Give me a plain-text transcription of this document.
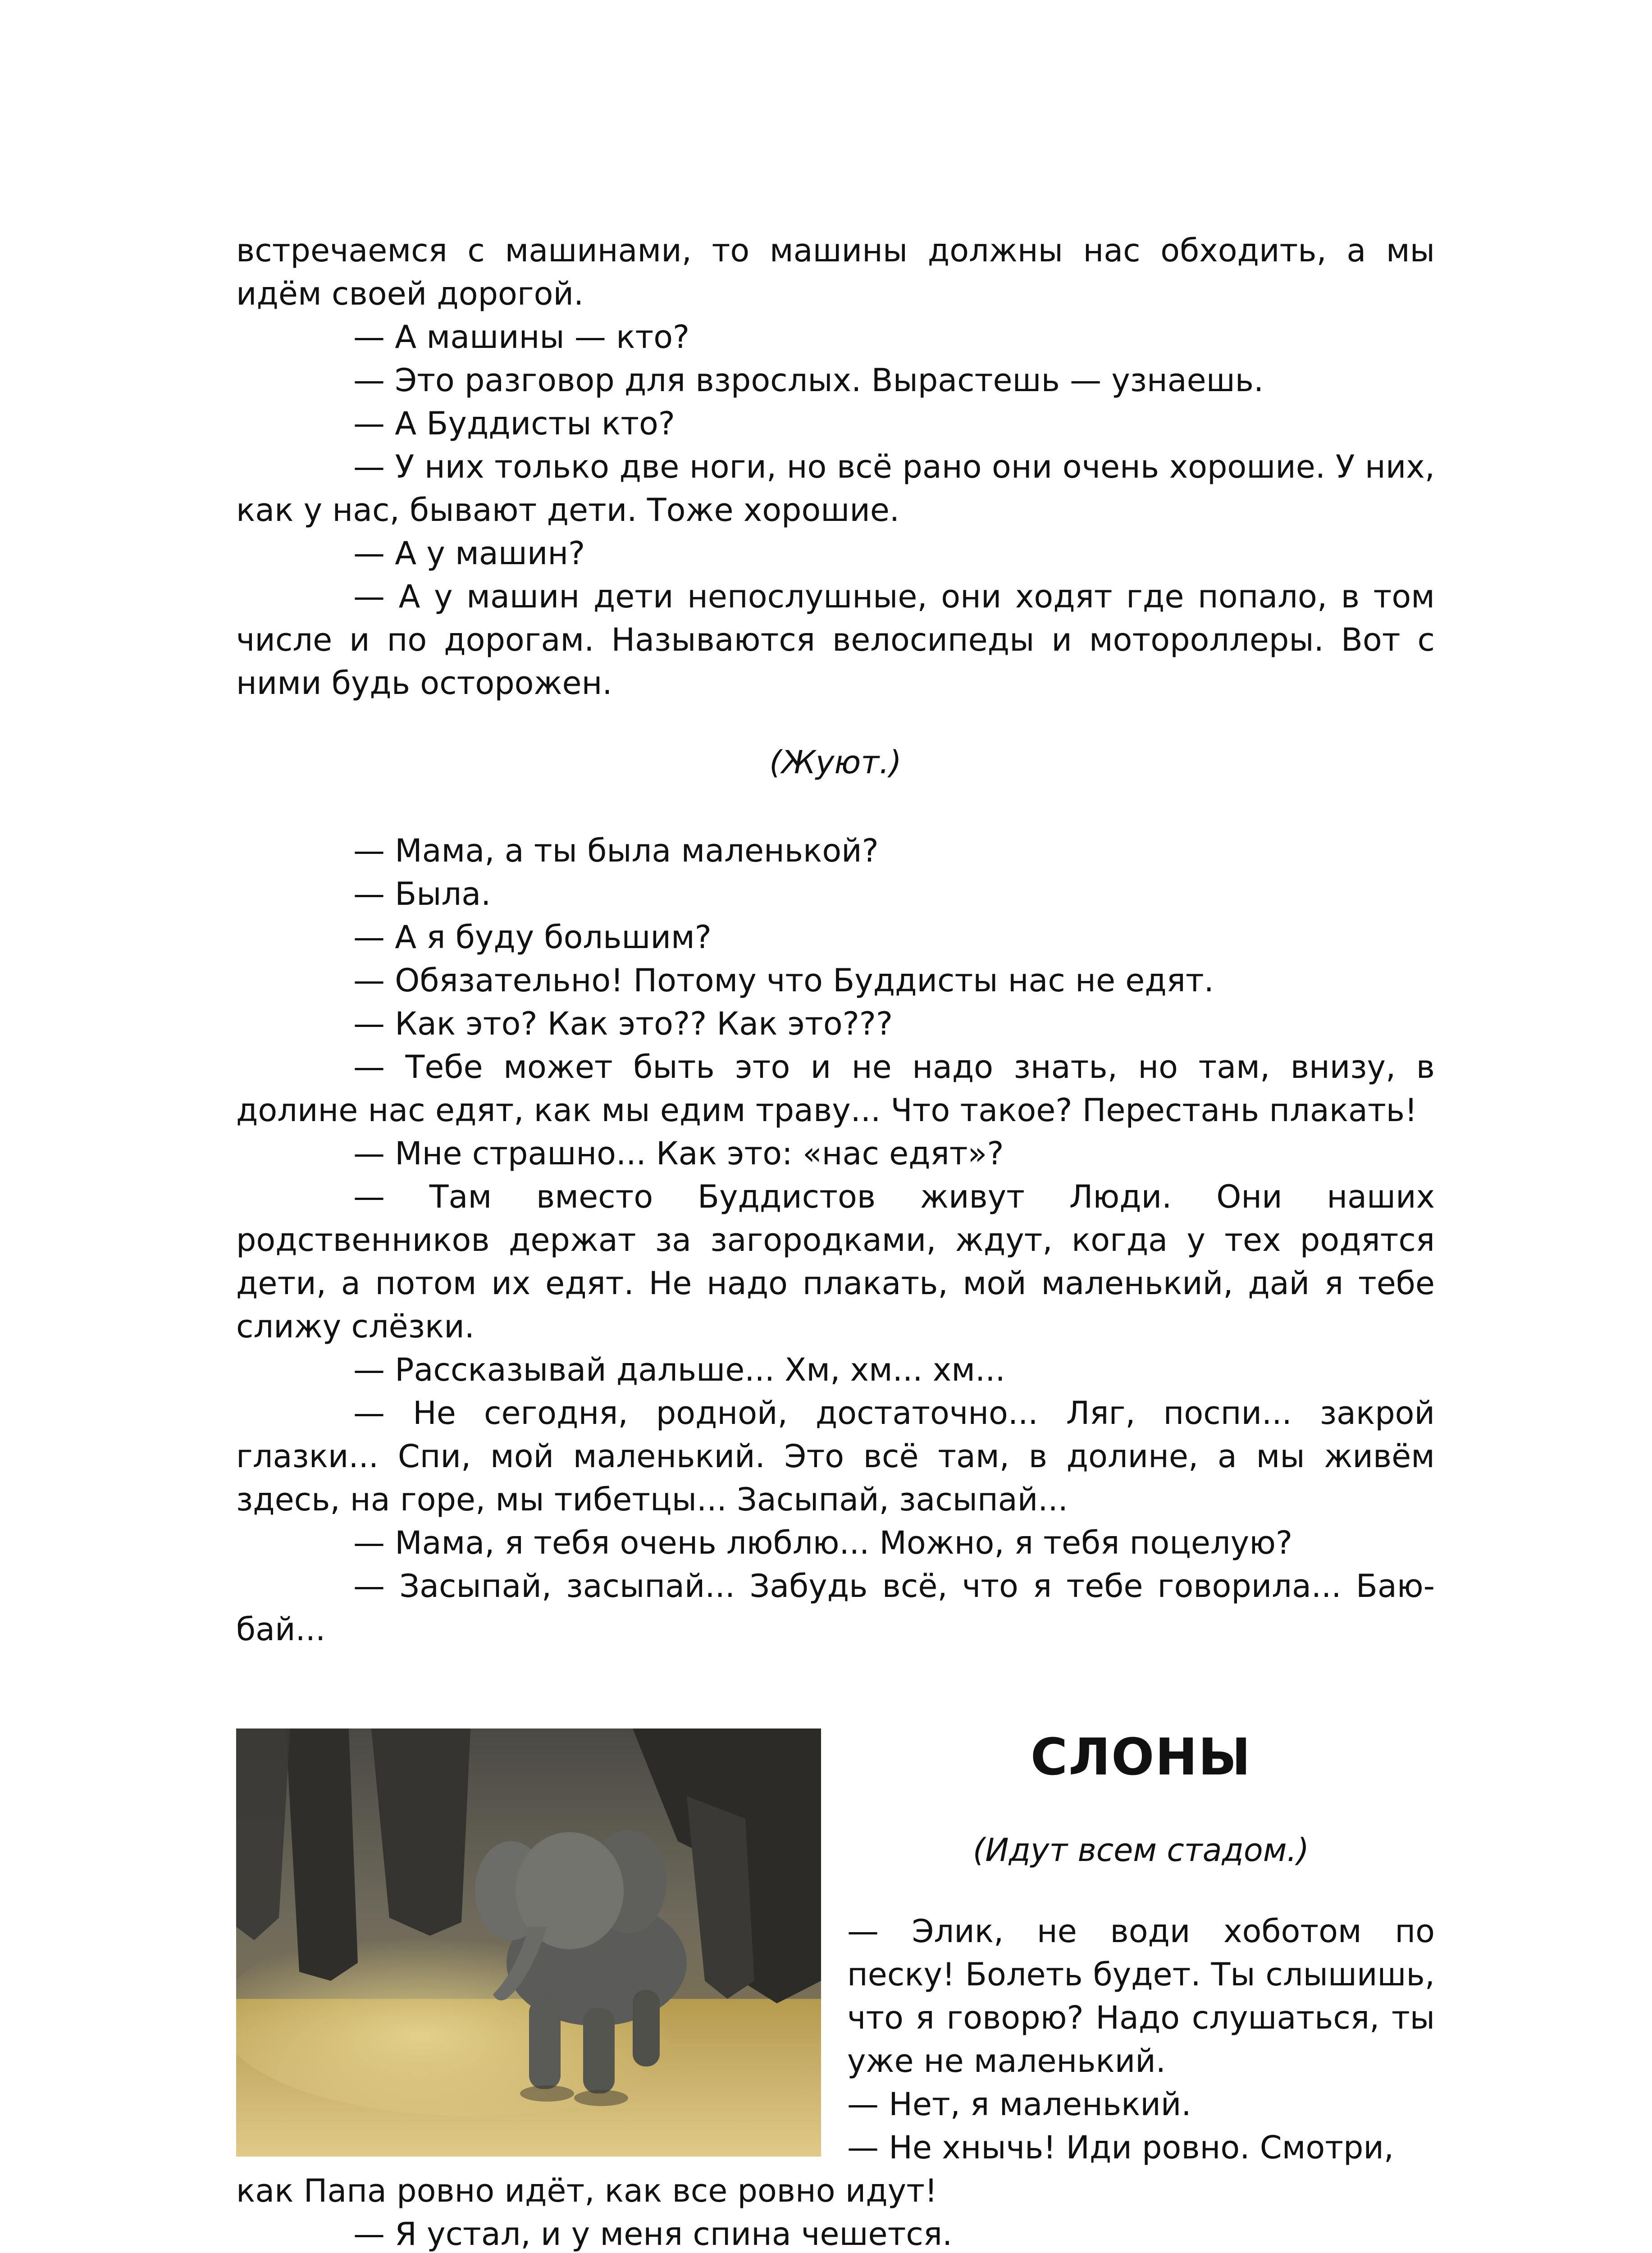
встречаемся с машинами, то машины должны нас обходить, а мы идём своей дорогой.

— А машины — кто?

— Это разговор для взрослых. Вырастешь — узнаешь.

— А Буддисты кто?

— У них только две ноги, но всё рано они очень хорошие. У них, как у нас, бывают дети. Тоже хорошие.

— А у машин?

— А у машин дети непослушные, они ходят где попало, в том числе и по дорогам. Называются велосипеды и мотороллеры. Вот с ними будь осторожен.

(Жуют.)

— Мама, а ты была маленькой?

— Была.

— А я буду большим?

— Обязательно! Потому что Буддисты нас не едят.

— Как это? Как это?? Как это???

— Тебе может быть это и не надо знать, но там, внизу, в долине нас едят, как мы едим траву... Что такое? Перестань плакать!

— Мне страшно... Как это: «нас едят»?

— Там вместо Буддистов живут Люди. Они наших родственников держат за загородками, ждут, когда у тех родятся дети, а потом их едят. Не надо плакать, мой маленький, дай я тебе слижу слёзки.

— Рассказывай дальше... Хм, хм... хм...

— Не сегодня, родной, достаточно... Ляг, поспи... закрой глазки... Спи, мой маленький. Это всё там, в долине, а мы живём здесь, на горе, мы тибетцы... Засыпай, засыпай...

— Мама, я тебя очень люблю... Можно, я тебя поцелую?

— Засыпай, засыпай... Забудь всё, что я тебе говорила... Баю-бай...

СЛОНЫ

(Идут всем стадом.)

— Элик, не води хоботом по песку! Болеть будет. Ты слышишь, что я говорю? Надо слушаться, ты уже не маленький.

— Нет, я маленький.

— Не хнычь! Иди ровно. Смотри,

как Папа ровно идёт, как все ровно идут!

— Я устал, и у меня спина чешется.
